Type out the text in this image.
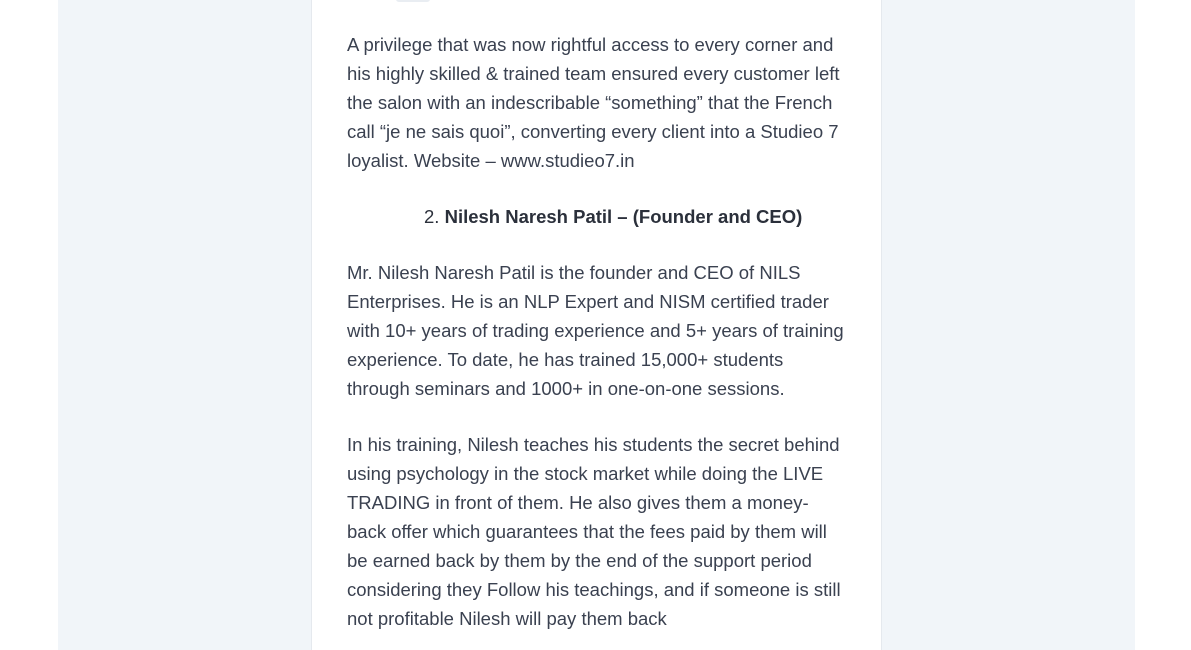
A privilege that was now rightful access to every corner and his highly skilled & trained team ensured every customer left the salon with an indescribable “something” that the French call “je ne sais quoi”, converting every client into a Studieo 7 loyalist. Website – www.studieo7.in

2. Nilesh Naresh Patil – (Founder and CEO)

Mr. Nilesh Naresh Patil is the founder and CEO of NILS Enterprises. He is an NLP Expert and NISM certified trader with 10+ years of trading experience and 5+ years of training experience. To date, he has trained 15,000+ students through seminars and 1000+ in one-on-one sessions.

In his training, Nilesh teaches his students the secret behind using psychology in the stock market while doing the LIVE TRADING in front of them. He also gives them a money-back offer which guarantees that the fees paid by them will be earned back by them by the end of the support period considering they Follow his teachings, and if someone is still not profitable Nilesh will pay them back
